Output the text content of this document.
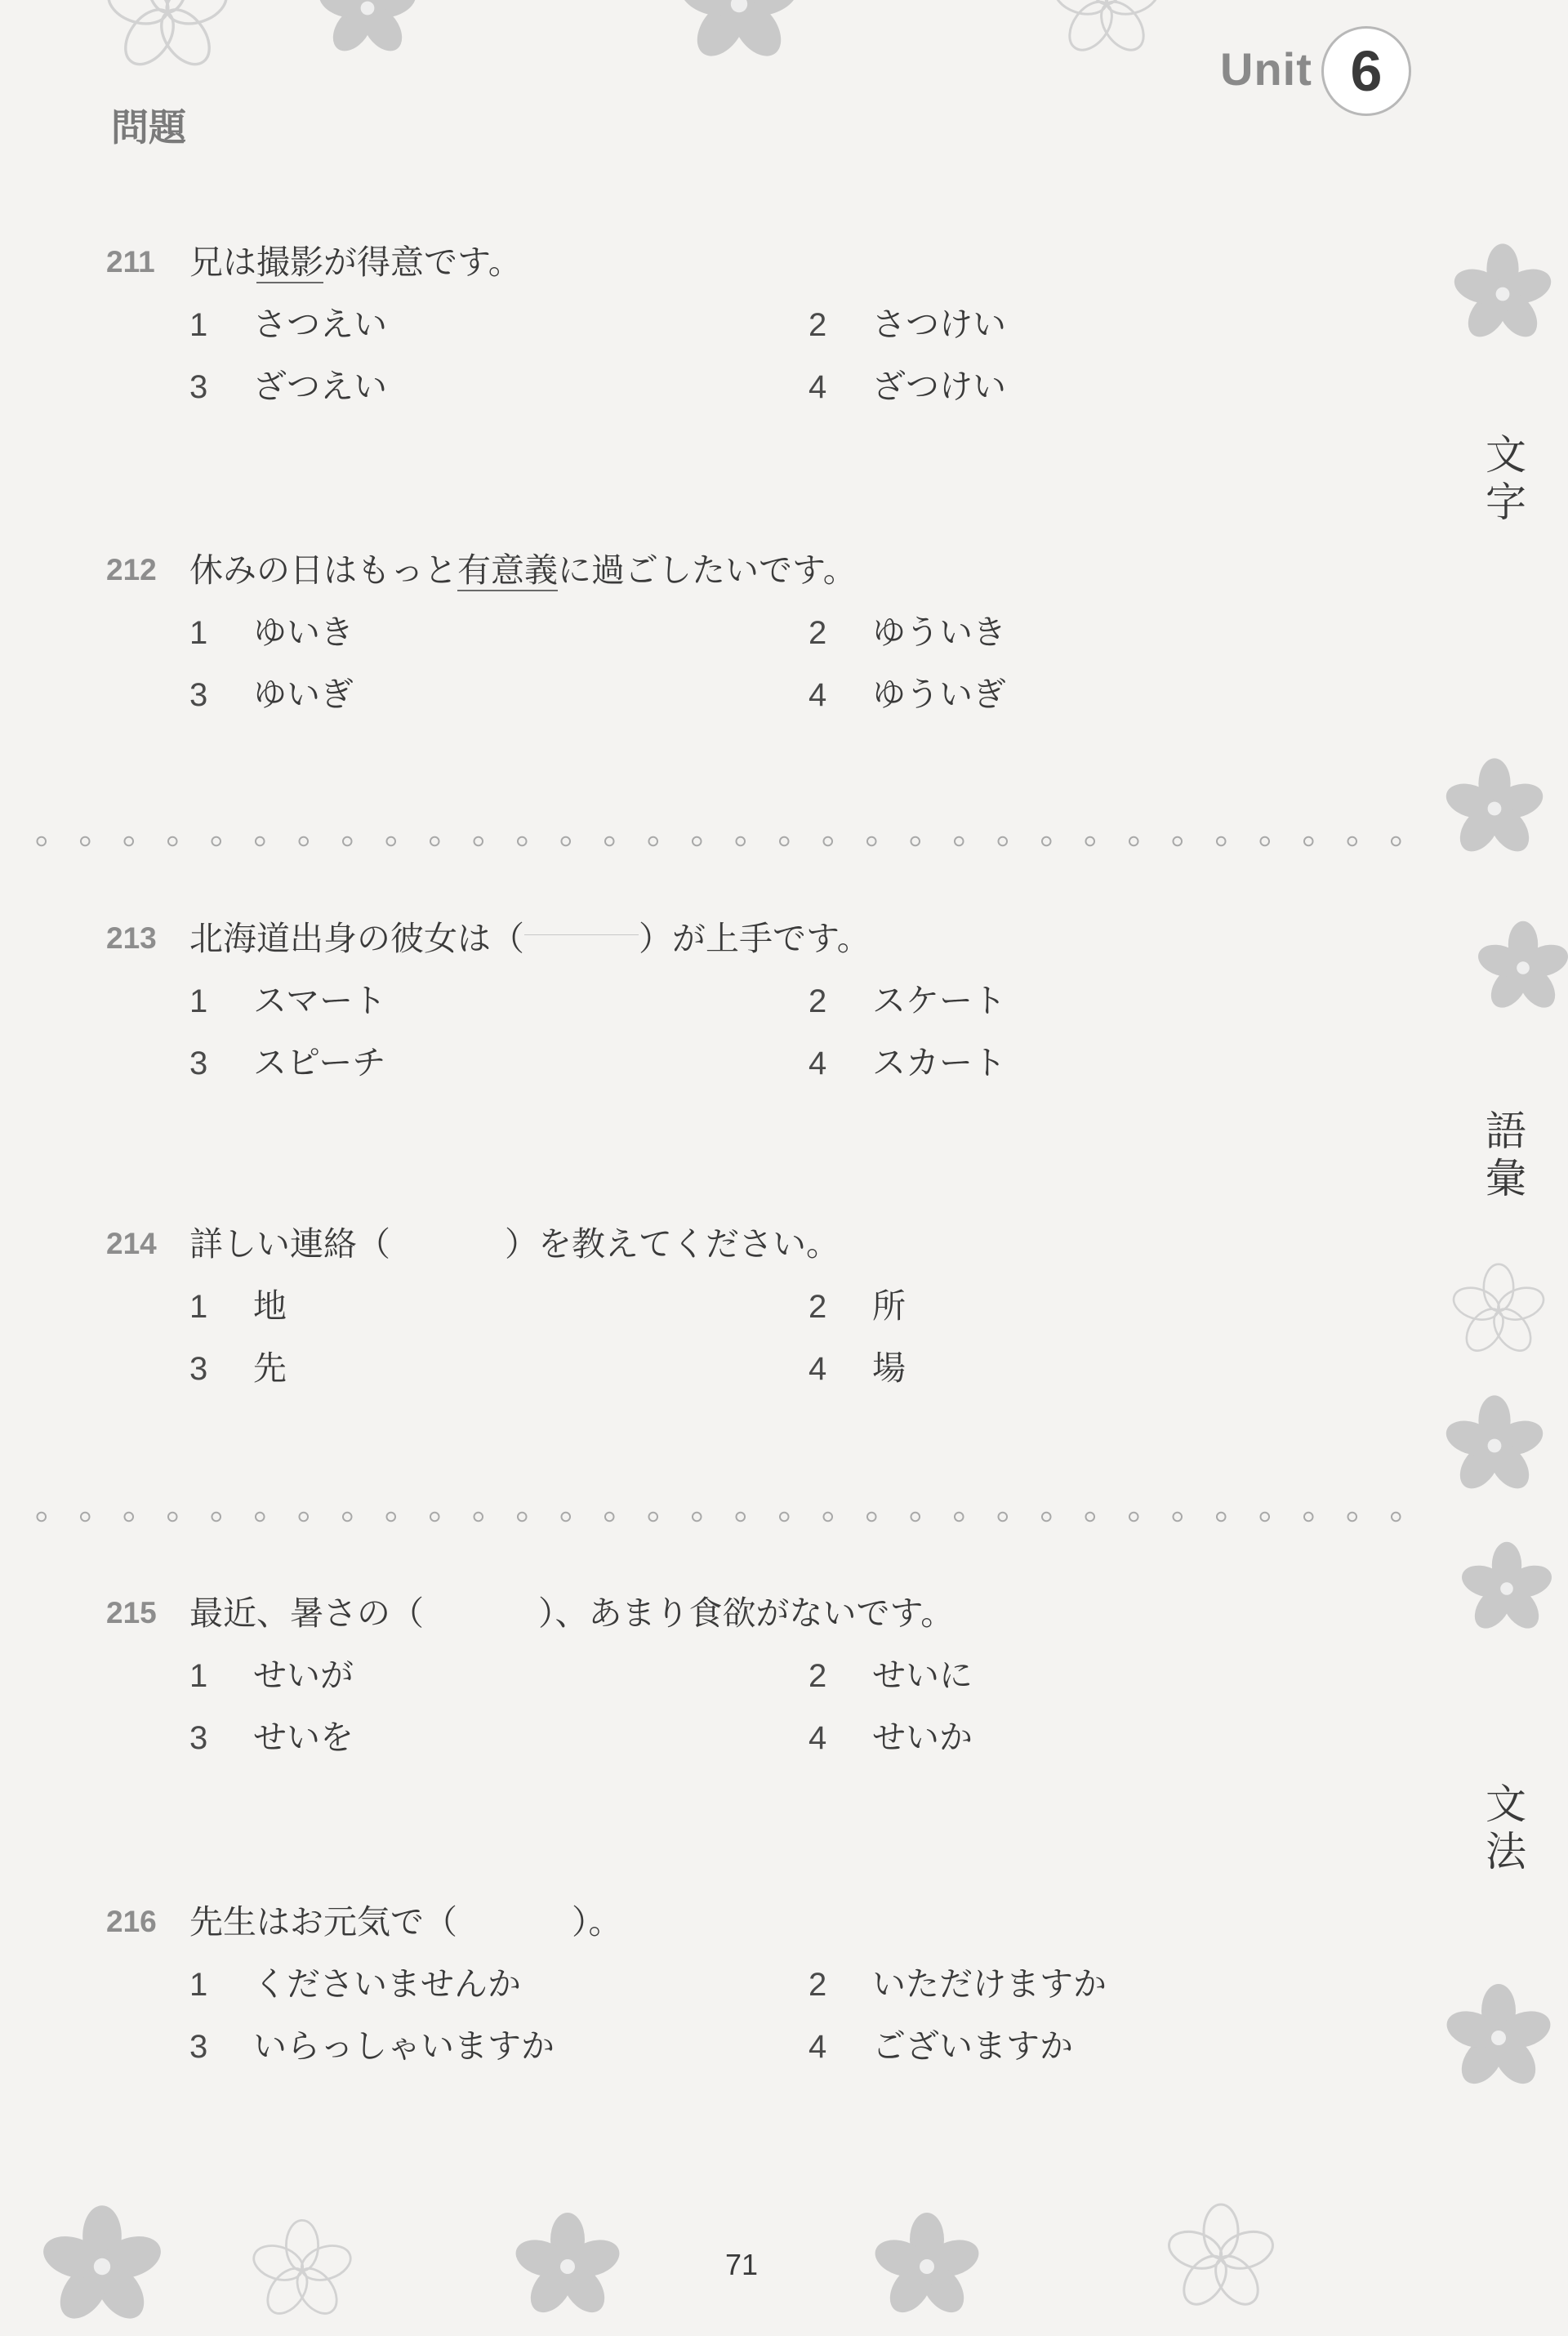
Unit 6
問題
211 兄は撮影が得意です。
1 さつえい	2 さつけい
3 ざつえい	4 ざつけい
212 休みの日はもっと有意義に過ごしたいです。
1 ゆいき	2 ゆういき
3 ゆいぎ	4 ゆういぎ
213 北海道出身の彼女は（	）が上手です。
1 スマート	2 スケート
3 スピーチ	4 スカート
214 詳しい連絡（	）を教えてください。
1 地	2 所
3 先	4 場
215 最近、暑さの（	）、あまり食欲がないです。
1 せいが	2 せいに
3 せいを	4 せいか
216 先生はお元気で（	）。
1 くださいませんか	2 いただけますか
3 いらっしゃいますか	4 ございますか
文字
語彙
文法
71
